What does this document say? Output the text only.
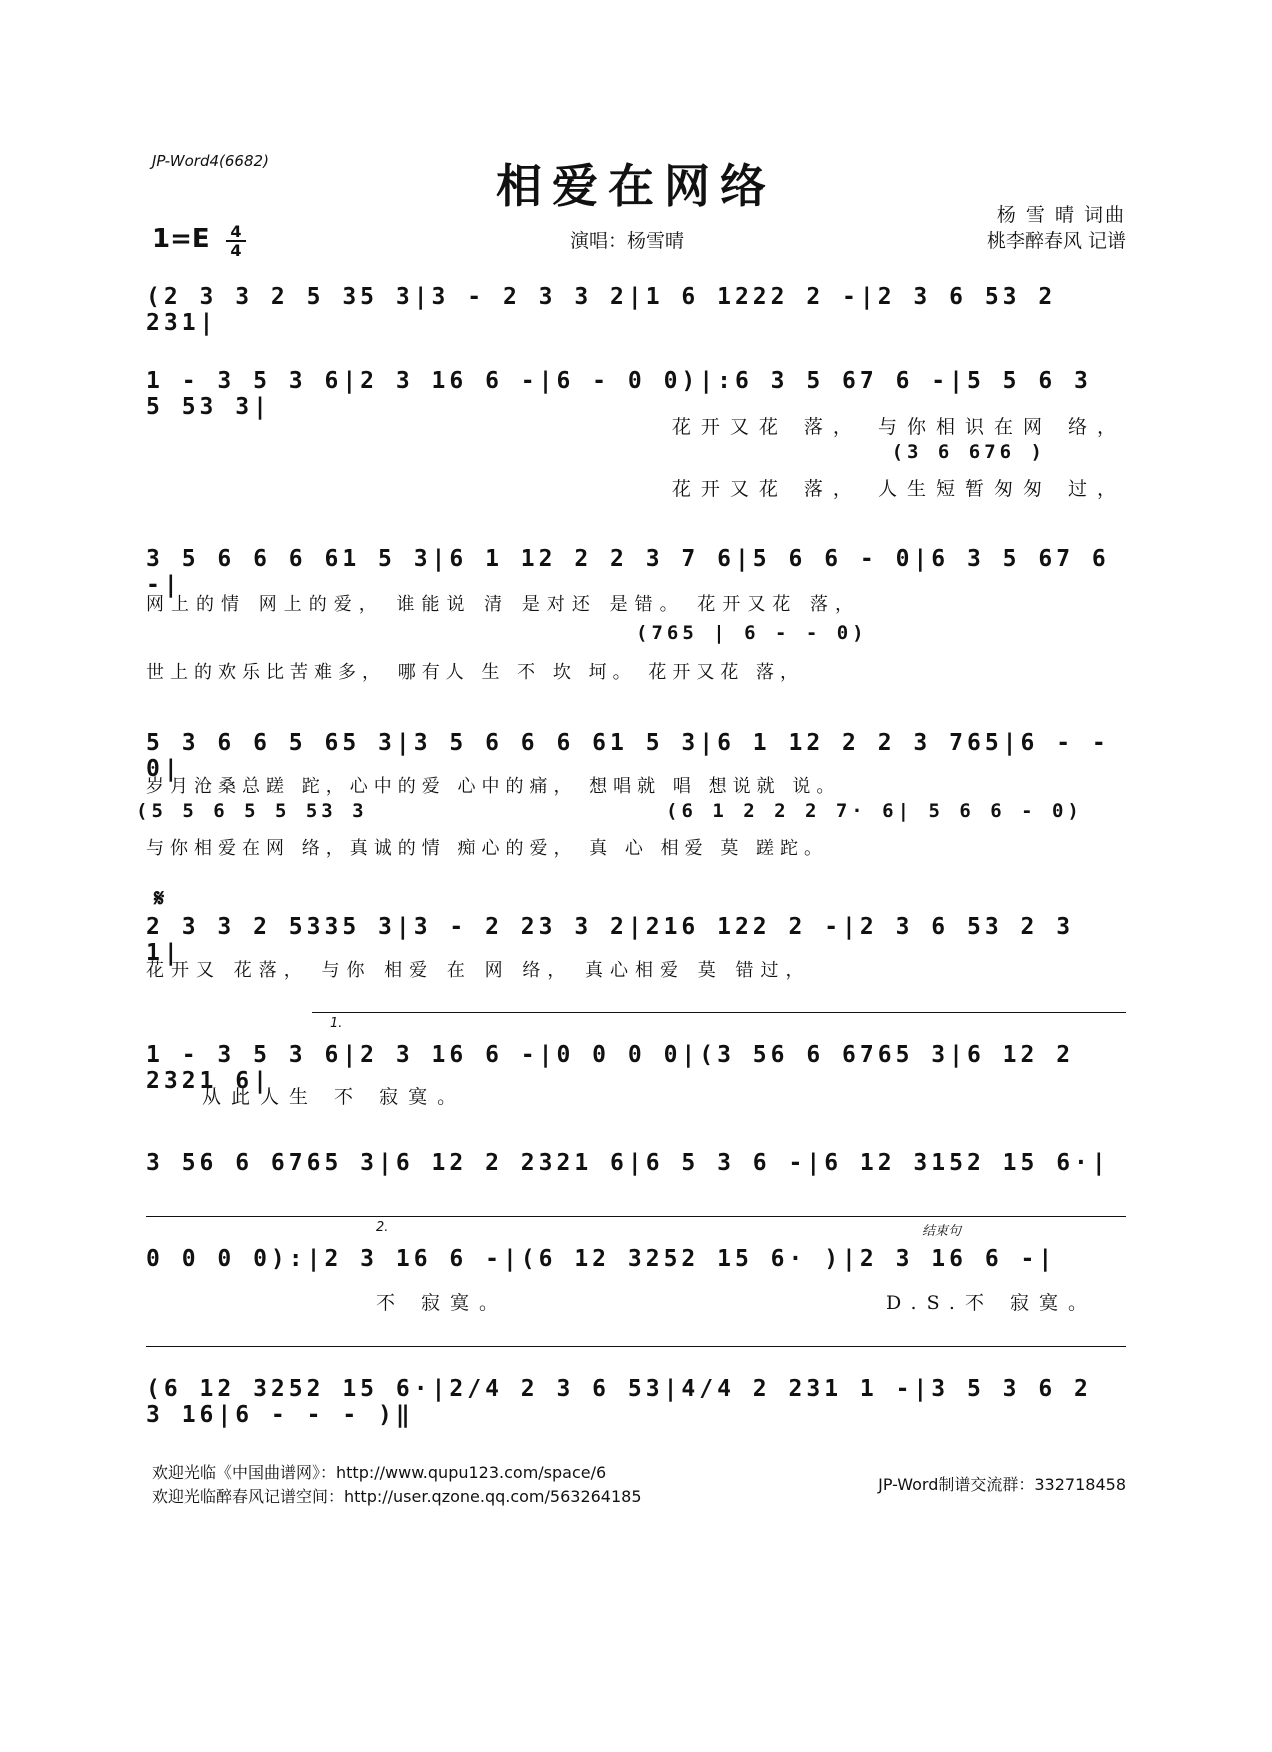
JP-Word4(6682)	相爱在网络
杨 雪 晴 词曲
桃李醉春风 记谱
演唱：杨雪晴
1=E 4
4
(2 3 3 2 5 35 3|3 - 2 3 3 2|1 6 1222 2 -|2 3 6 53 2 231|
1 - 3 5 3 6|2 3 16 6 -|6 - 0 0)|:6 3 5 67 6 -|5 5 6 3 5 53 3|
花开又花 落， 与你相识在网 络，
(3 6 676 )
花开又花 落， 人生短暂匆匆 过，
3 5 6 6 6 61 5 3|6 1 12 2 2 3 7 6|5 6 6 - 0|6 3 5 67 6 -|
网上的情 网上的爱， 谁能说 清 是对还 是错。 花开又花 落，
(765 | 6 - - 0)
世上的欢乐比苦难多， 哪有人 生 不 坎 坷。 花开又花 落，
5 3 6 6 5 65 3|3 5 6 6 6 61 5 3|6 1 12 2 2 3 765|6 - - 0|
岁月沧桑总蹉 跎，心中的爱 心中的痛， 想唱就 唱 想说就 说。
(5 5 6 5 5 53 3	(6 1 2 2 2 7· 6| 5 6 6 - 0)
与你相爱在网 络，真诚的情 痴心的爱， 真 心 相爱 莫 蹉跎。
𝄋
2 3 3 2 5335 3|3 - 2 23 3 2|216 122 2 -|2 3 6 53 2 3 1|
花开又 花落， 与你 相爱 在 网 络， 真心相爱 莫 错过，
1.
1 - 3 5 3 6|2 3 16 6 -|0 0 0 0|(3 56 6 6765 3|6 12 2 2321 6|
从此人生 不 寂寞。
3 56 6 6765 3|6 12 2 2321 6|6 5 3 6 -|6 12 3152 15 6·|
2.	结束句
0 0 0 0):|2 3 16 6 -|(6 12 3252 15 6· )|2 3 16 6 -|
不 寂寞。	D.S.不 寂寞。
(6 12 3252 15 6·|2/4 2 3 6 53|4/4 2 231 1 -|3 5 3 6 2 3 16|6 - - - )‖
欢迎光临《中国曲谱网》：http://www.qupu123.com/space/6
欢迎光临醉春风记谱空间：http://user.qzone.qq.com/563264185
JP-Word制谱交流群：332718458
